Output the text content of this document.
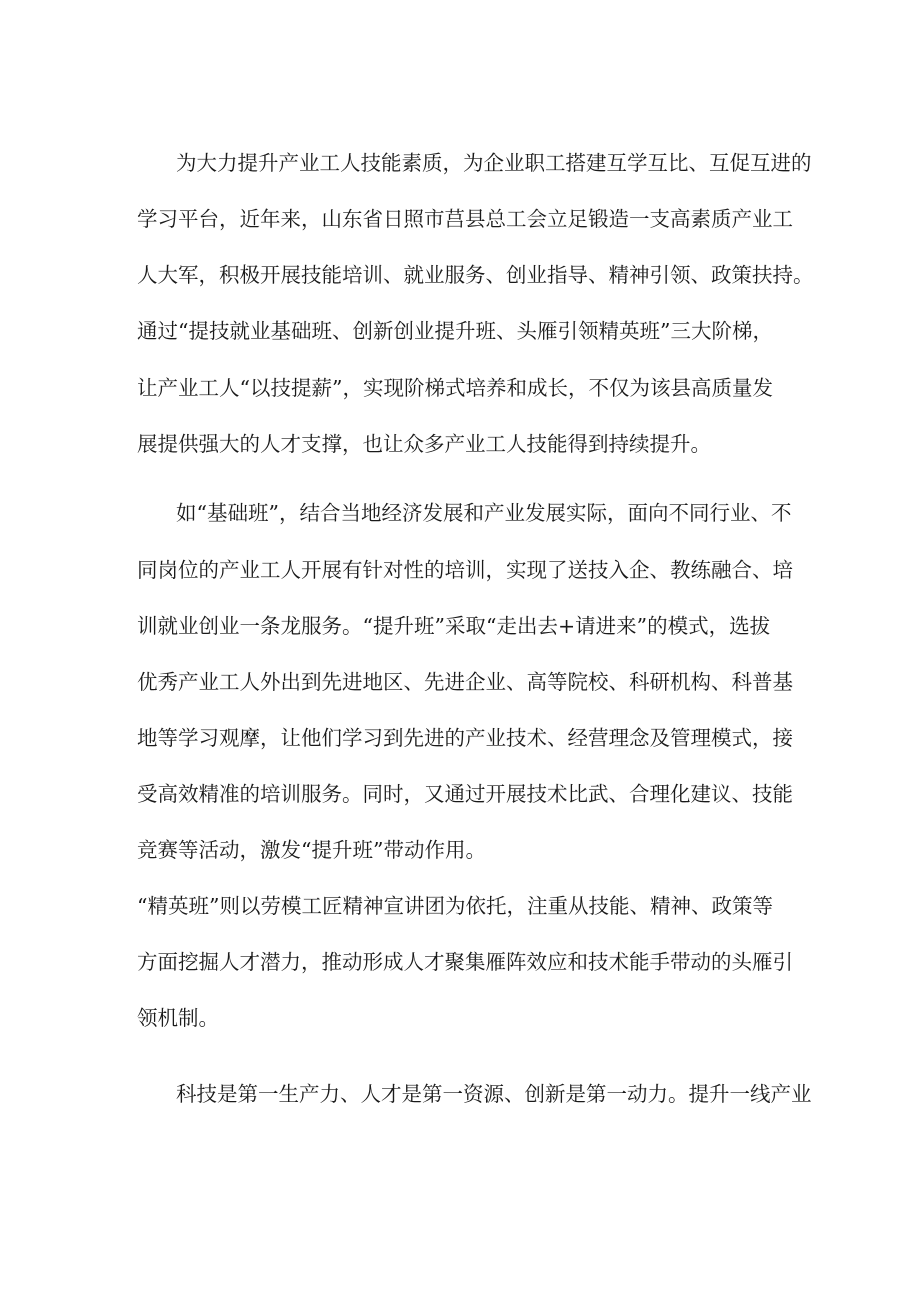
为大力提升产业工人技能素质，为企业职工搭建互学互比、互促互进的

学习平台，近年来，山东省日照市莒县总工会立足锻造一支高素质产业工

人大军，积极开展技能培训、就业服务、创业指导、精神引领、政策扶持。

通过“提技就业基础班、创新创业提升班、头雁引领精英班”三大阶梯，

让产业工人“以技提薪”，实现阶梯式培养和成长，不仅为该县高质量发

展提供强大的人才支撑，也让众多产业工人技能得到持续提升。

如“基础班”，结合当地经济发展和产业发展实际，面向不同行业、不

同岗位的产业工人开展有针对性的培训，实现了送技入企、教练融合、培

训就业创业一条龙服务。“提升班”采取“走出去+请进来”的模式，选拔

优秀产业工人外出到先进地区、先进企业、高等院校、科研机构、科普基

地等学习观摩，让他们学习到先进的产业技术、经营理念及管理模式，接

受高效精准的培训服务。同时，又通过开展技术比武、合理化建议、技能

竞赛等活动，激发“提升班”带动作用。

“精英班”则以劳模工匠精神宣讲团为依托，注重从技能、精神、政策等

方面挖掘人才潜力，推动形成人才聚集雁阵效应和技术能手带动的头雁引

领机制。

科技是第一生产力、人才是第一资源、创新是第一动力。提升一线产业
